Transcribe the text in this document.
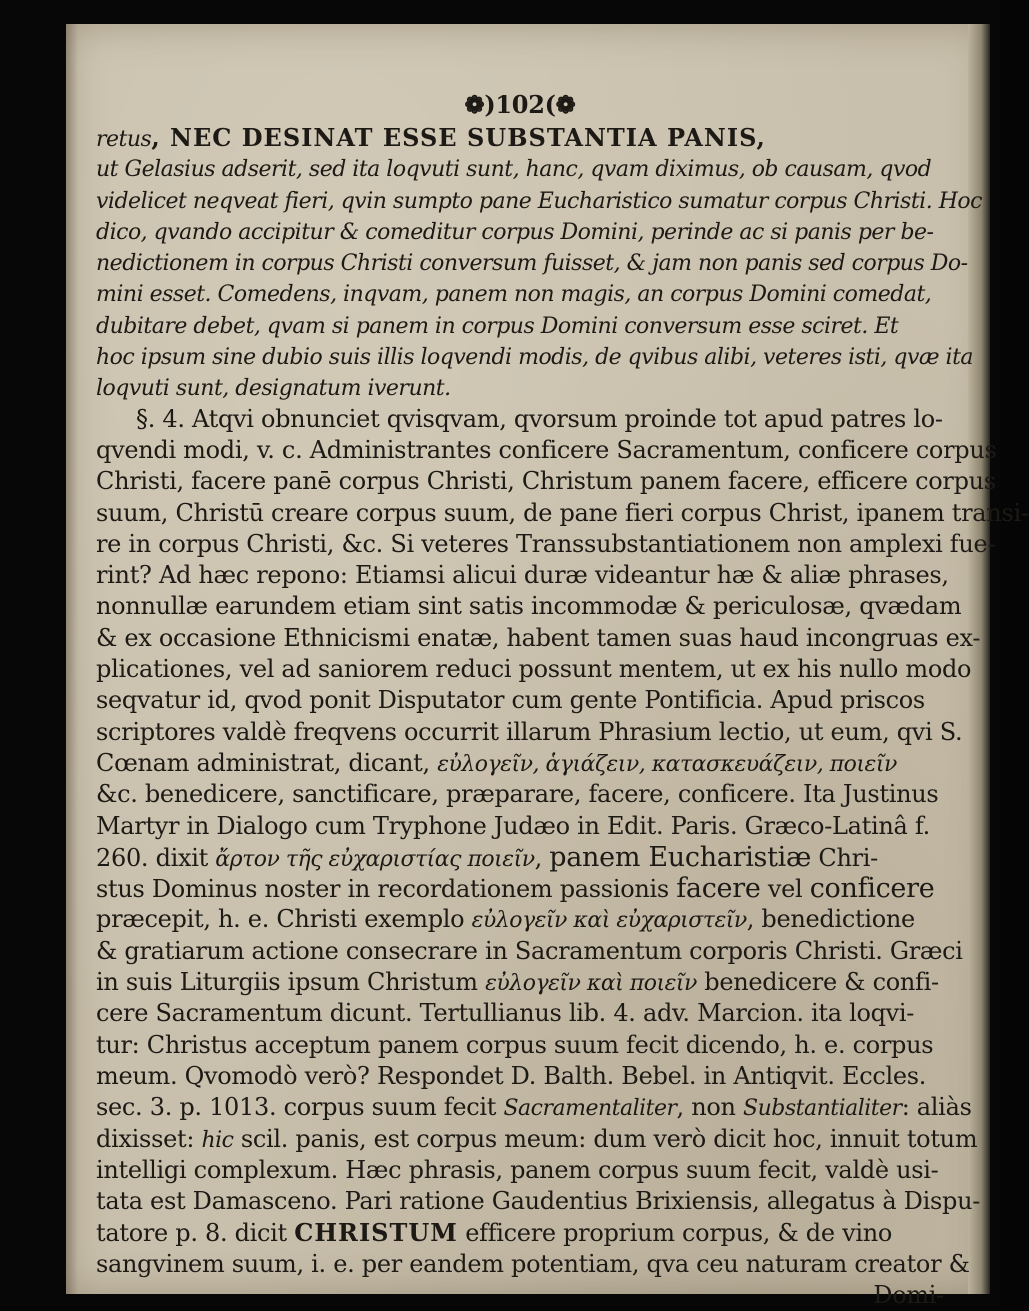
❁)102(❁
retus, NEC DESINAT ESSE SUBSTANTIA PANIS,
ut Gelasius adserit, sed ita loqvuti sunt, hanc, qvam diximus, ob causam, qvod
videlicet neqveat fieri, qvin sumpto pane Eucharistico sumatur corpus Christi. Hoc
dico, qvando accipitur & comeditur corpus Domini, perinde ac si panis per be-
nedictionem in corpus Christi conversum fuisset, & jam non panis sed corpus Do-
mini esset. Comedens, inqvam, panem non magis, an corpus Domini comedat,
dubitare debet, qvam si panem in corpus Domini conversum esse sciret. Et
hoc ipsum sine dubio suis illis loqvendi modis, de qvibus alibi, veteres isti, qvæ ita
loqvuti sunt, designatum iverunt.
§. 4. Atqvi obnunciet qvisqvam, qvorsum proinde tot apud patres lo-
qvendi modi, v. c. Administrantes conficere Sacramentum, conficere corpus
Christi, facere panē corpus Christi, Christum panem facere, efficere corpus
suum, Christū creare corpus suum, de pane fieri corpus Christ, ipanem transi-
re in corpus Christi, &c. Si veteres Transsubstantiationem non amplexi fue-
rint? Ad hæc repono: Etiamsi alicui duræ videantur hæ & aliæ phrases,
nonnullæ earundem etiam sint satis incommodæ & periculosæ, qvædam
& ex occasione Ethnicismi enatæ, habent tamen suas haud incongruas ex-
plicationes, vel ad saniorem reduci possunt mentem, ut ex his nullo modo
seqvatur id, qvod ponit Disputator cum gente Pontificia. Apud priscos
scriptores valdè freqvens occurrit illarum Phrasium lectio, ut eum, qvi S.
Cœnam administrat, dicant, εὐλογεῖν, ἁγιάζειν, κατασκευάζειν, ποιεῖν
&c. benedicere, sanctificare, præparare, facere, conficere. Ita Justinus
Martyr in Dialogo cum Tryphone Judæo in Edit. Paris. Græco-Latinâ f.
260. dixit ἄρτον τῆς εὐχαριστίας ποιεῖν, panem Eucharistiæ Chri-
stus Dominus noster in recordationem passionis facere vel conficere
præcepit, h. e. Christi exemplo εὐλογεῖν καὶ εὐχαριστεῖν, benedictione
& gratiarum actione consecrare in Sacramentum corporis Christi. Græci
in suis Liturgiis ipsum Christum εὐλογεῖν καὶ ποιεῖν benedicere & confi-
cere Sacramentum dicunt. Tertullianus lib. 4. adv. Marcion. ita loqvi-
tur: Christus acceptum panem corpus suum fecit dicendo, h. e. corpus
meum. Qvomodò verò? Respondet D. Balth. Bebel. in Antiqvit. Eccles.
sec. 3. p. 1013. corpus suum fecit Sacramentaliter, non Substantialiter: aliàs
dixisset: hic scil. panis, est corpus meum: dum verò dicit hoc, innuit totum
intelligi complexum. Hæc phrasis, panem corpus suum fecit, valdè usi-
tata est Damasceno. Pari ratione Gaudentius Brixiensis, allegatus à Dispu-
tatore p. 8. dicit CHRISTUM efficere proprium corpus, & de vino
sangvinem suum, i. e. per eandem potentiam, qva ceu naturam creator &
Domi-
